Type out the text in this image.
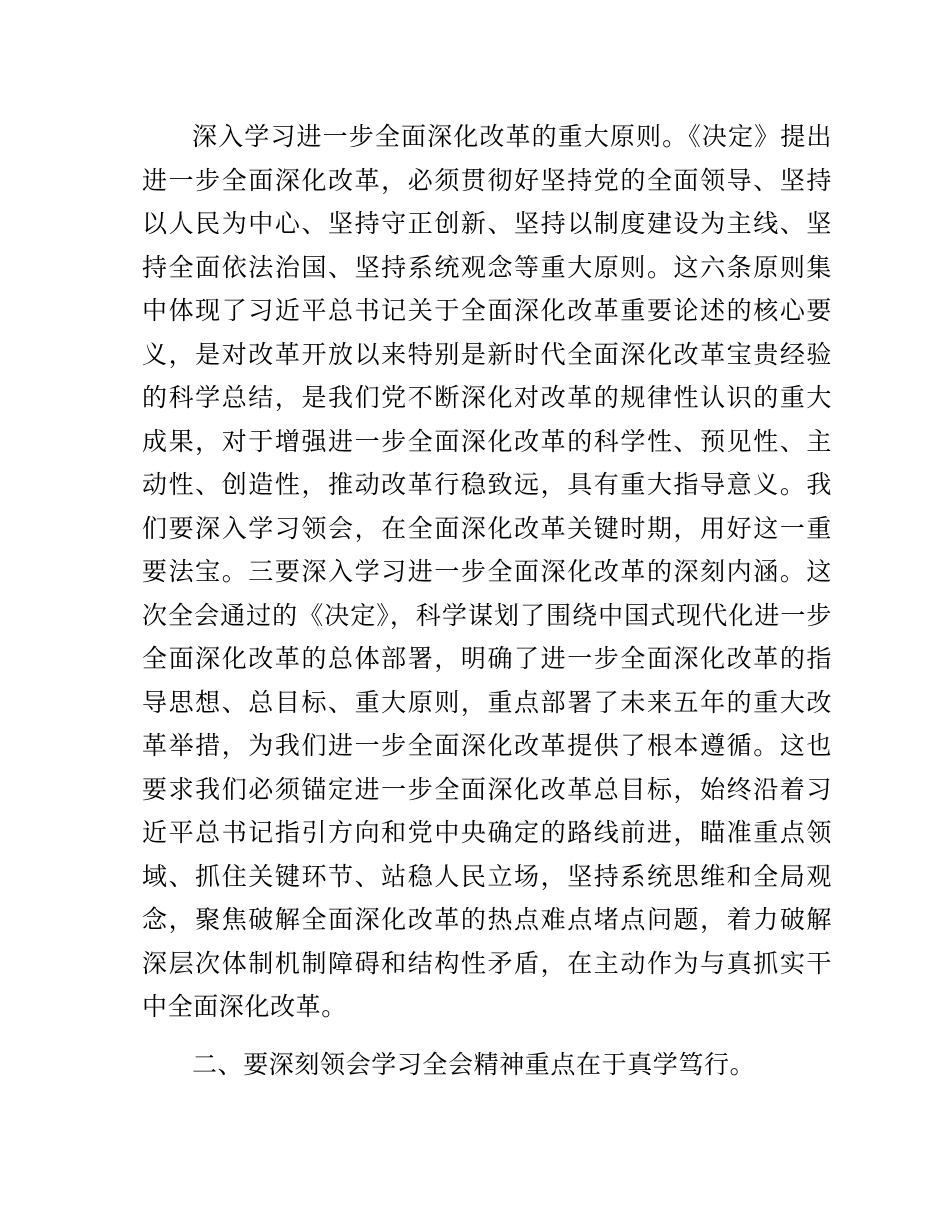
深入学习进一步全面深化改革的重大原则。《决定》提出进一步全面深化改革，必须贯彻好坚持党的全面领导、坚持以人民为中心、坚持守正创新、坚持以制度建设为主线、坚持全面依法治国、坚持系统观念等重大原则。这六条原则集中体现了习近平总书记关于全面深化改革重要论述的核心要义，是对改革开放以来特别是新时代全面深化改革宝贵经验的科学总结，是我们党不断深化对改革的规律性认识的重大成果，对于增强进一步全面深化改革的科学性、预见性、主动性、创造性，推动改革行稳致远，具有重大指导意义。我们要深入学习领会，在全面深化改革关键时期，用好这一重要法宝。三要深入学习进一步全面深化改革的深刻内涵。这次全会通过的《决定》，科学谋划了围绕中国式现代化进一步全面深化改革的总体部署，明确了进一步全面深化改革的指导思想、总目标、重大原则，重点部署了未来五年的重大改革举措，为我们进一步全面深化改革提供了根本遵循。这也要求我们必须锚定进一步全面深化改革总目标，始终沿着习近平总书记指引方向和党中央确定的路线前进，瞄准重点领域、抓住关键环节、站稳人民立场，坚持系统思维和全局观念，聚焦破解全面深化改革的热点难点堵点问题，着力破解深层次体制机制障碍和结构性矛盾，在主动作为与真抓实干中全面深化改革。

二、要深刻领会学习全会精神重点在于真学笃行。
